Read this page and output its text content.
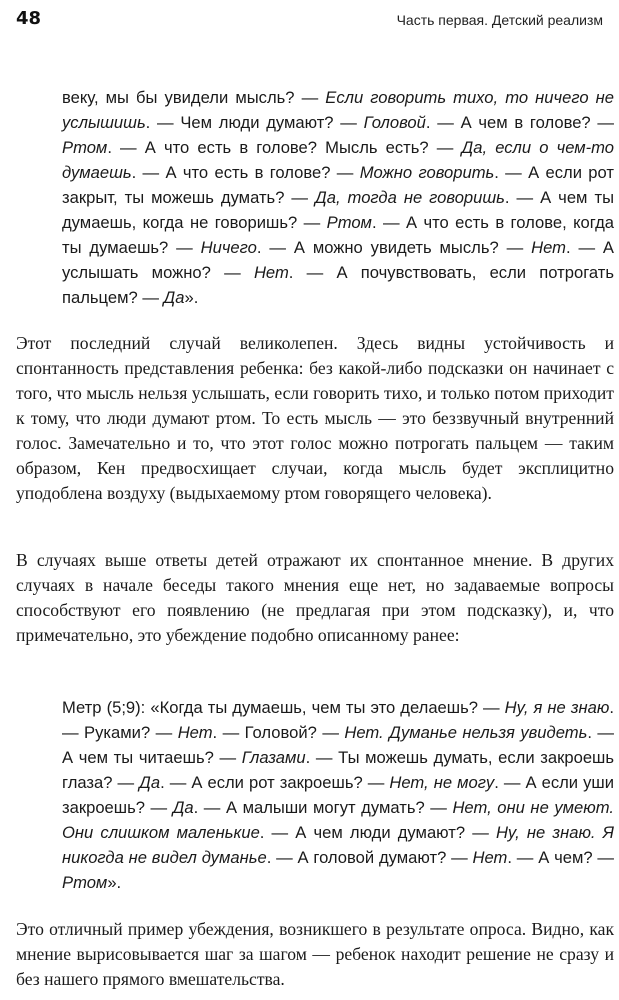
48	Часть первая. Детский реализм

веку, мы бы увидели мысль? — Если говорить тихо, то ничего не услышишь. — Чем люди думают? — Головой. — А чем в голове? — Ртом. — А что есть в голове? Мысль есть? — Да, если о чем-то думаешь. — А что есть в голове? — Можно говорить. — А если рот закрыт, ты можешь думать? — Да, тогда не говоришь. — А чем ты думаешь, когда не говоришь? — Ртом. — А что есть в голове, когда ты думаешь? — Ничего. — А можно увидеть мысль? — Нет. — А услышать можно? — Нет. — А почувствовать, если потрогать пальцем? — Да».

Этот последний случай великолепен. Здесь видны устойчивость и спонтанность представления ребенка: без какой-либо подсказки он начинает с того, что мысль нельзя услышать, если говорить тихо, и только потом приходит к тому, что люди думают ртом. То есть мысль — это беззвучный внутренний голос. Замечательно и то, что этот голос можно потрогать пальцем — таким образом, Кен предвосхищает случаи, когда мысль будет эксплицитно уподоблена воздуху (выдыхаемому ртом говорящего человека).

В случаях выше ответы детей отражают их спонтанное мнение. В других случаях в начале беседы такого мнения еще нет, но задаваемые вопросы способствуют его появлению (не предлагая при этом подсказку), и, что примечательно, это убеждение подобно описанному ранее:

Метр (5;9): «Когда ты думаешь, чем ты это делаешь? — Ну, я не знаю. — Руками? — Нет. — Головой? — Нет. Думанье нельзя увидеть. — А чем ты читаешь? — Глазами. — Ты можешь думать, если закроешь глаза? — Да. — А если рот закроешь? — Нет, не могу. — А если уши закроешь? — Да. — А малыши могут думать? — Нет, они не умеют. Они слишком маленькие. — А чем люди думают? — Ну, не знаю. Я никогда не видел думанье. — А головой думают? — Нет. — А чем? — Ртом».

Это отличный пример убеждения, возникшего в результате опроса. Видно, как мнение вырисовывается шаг за шагом — ребенок находит решение не сразу и без нашего прямого вмешательства.
